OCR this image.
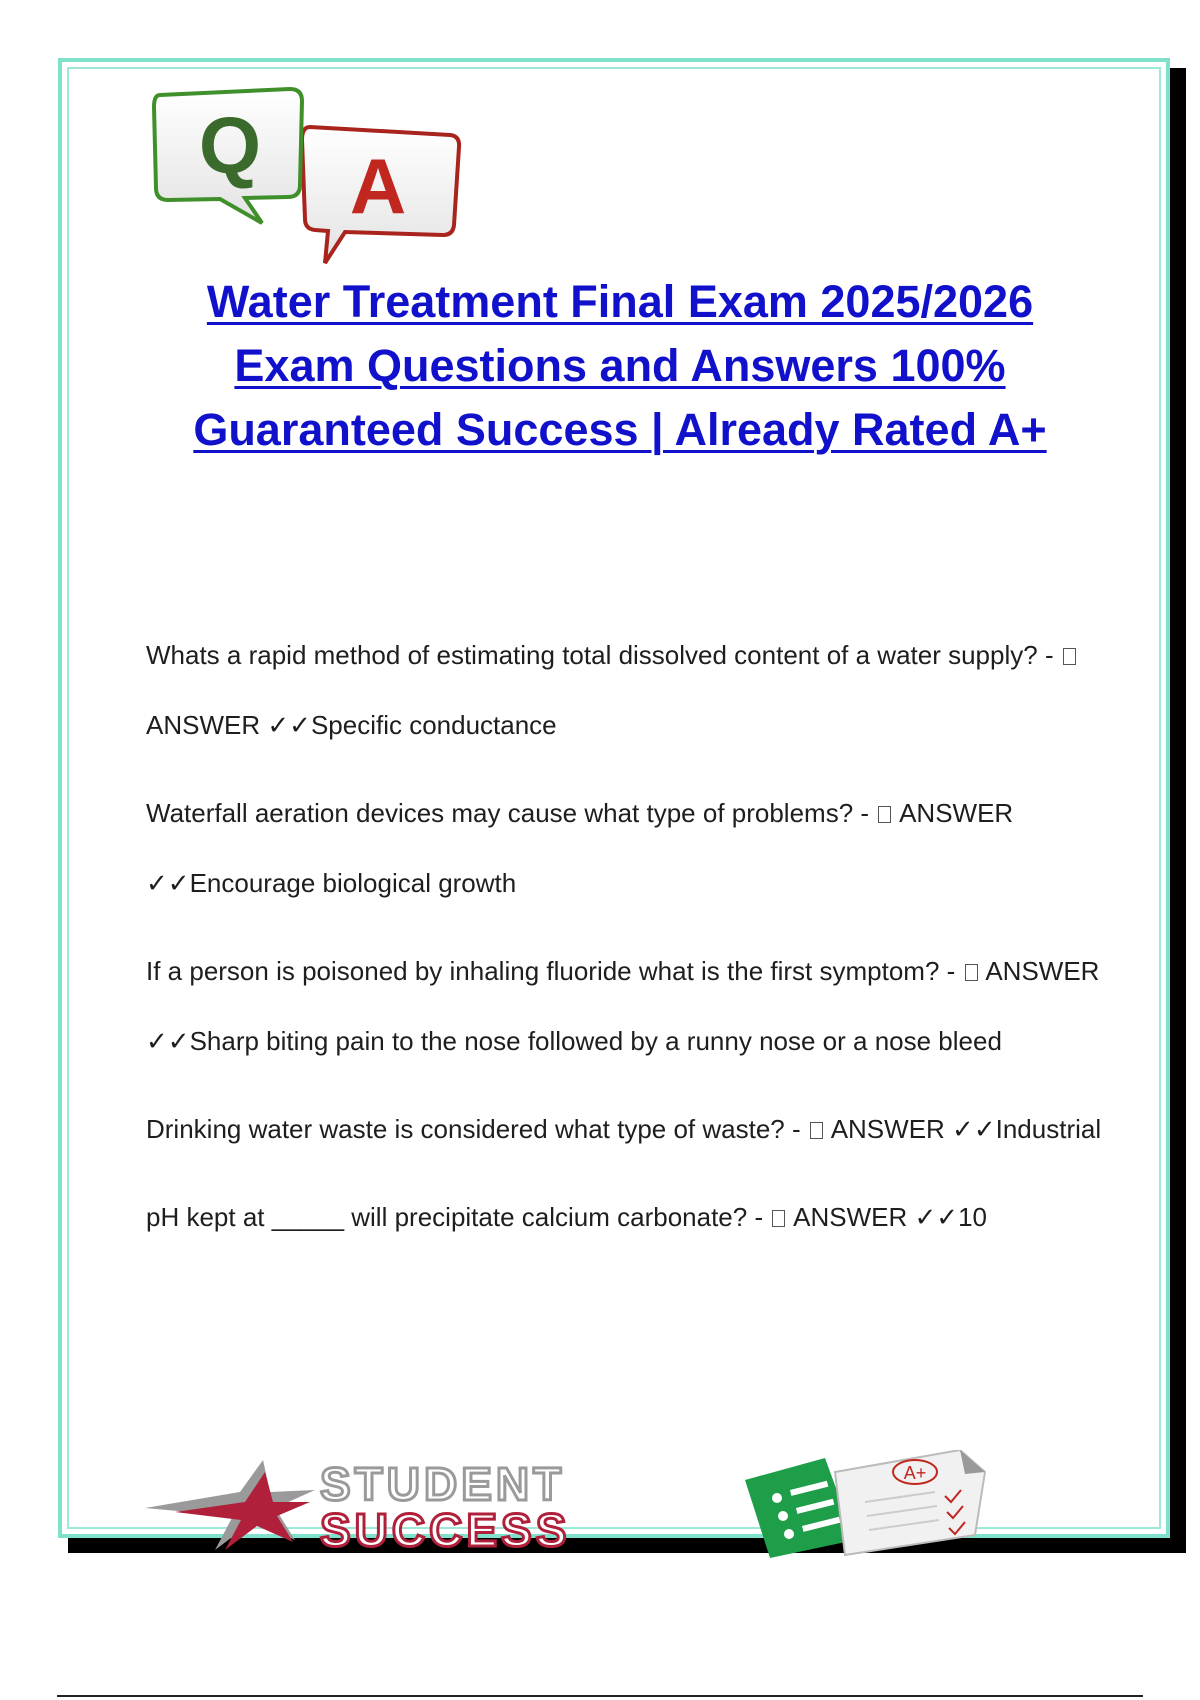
A
Q
Water Treatment Final Exam 2025/2026
Exam Questions and Answers 100%
Guaranteed Success | Already Rated A+
Whats a rapid method of estimating total dissolved content of a water supply? -  ANSWER ✓✓Specific conductance
Waterfall aeration devices may cause what type of problems? -  ANSWER ✓✓Encourage biological growth
If a person is poisoned by inhaling fluoride what is the first symptom? -  ANSWER ✓✓Sharp biting pain to the nose followed by a runny nose or a nose bleed
Drinking water waste is considered what type of waste? -  ANSWER ✓✓Industrial
pH kept at _____ will precipitate calcium carbonate? -  ANSWER ✓✓10
STUDENT
SUCCESS
A+
